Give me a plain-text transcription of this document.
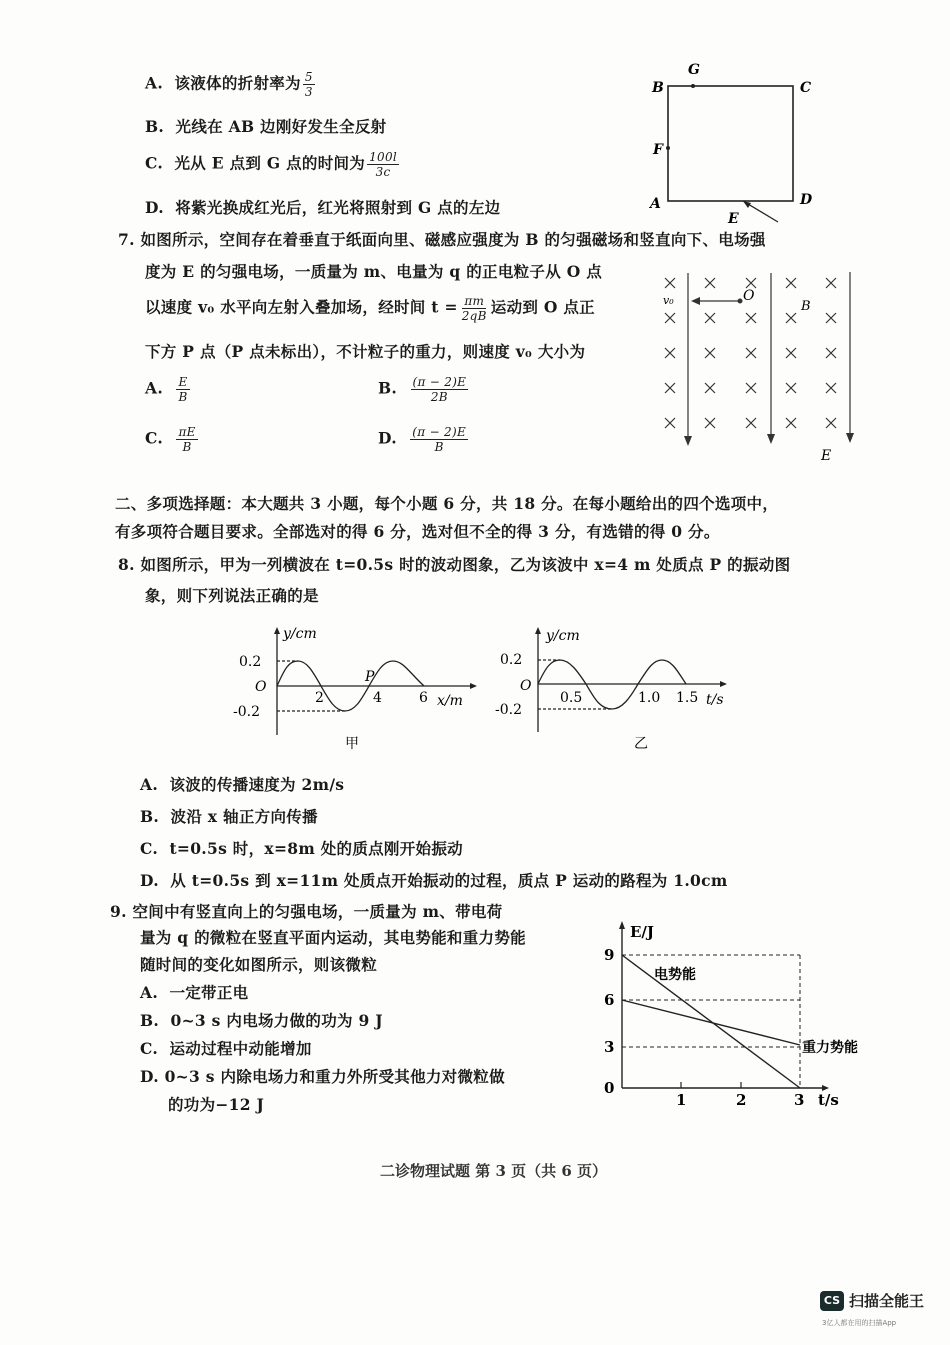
A. 该液体的折射率为 $\frac{5}{3}$
B. 光线在 AB 边刚好发生全反射
C. 光从 E 点到 G 点的时间为 $\frac{100l}{3c}$
D. 将紫光换成红光后，红光将照射到 G 点的左边
G
B	C
F
A	D
E
7. 如图所示，空间存在着垂直于纸面向里、磁感应强度为 B 的匀强磁场和竖直向下、电场强
度为 E 的匀强电场，一质量为 m、电量为 q 的正电粒子从 O 点
以速度 v₀ 水平向左射入叠加场，经时间 $t = \frac{\pi m}{2qB}$ 运动到 O 点正
下方 P 点（P 点未标出），不计粒子的重力，则速度 v₀ 大小为
A. $\frac{E}{B}$	B. $\frac{(\pi - 2)E}{2B}$
C. $\frac{\pi E}{B}$	D. $\frac{(\pi - 2)E}{B}$
v₀	O
B
E
二、多项选择题：本大题共 3 小题，每个小题 6 分，共 18 分。在每小题给出的四个选项中，
有多项符合题目要求。全部选对的得 6 分，选对但不全的得 3 分，有选错的得 0 分。
8. 如图所示，甲为一列横波在 t=0.5s 时的波动图象，乙为该波中 x=4 m 处质点 P 的振动图
象，则下列说法正确的是
y/cm
0.2
-0.2
O
2	4	6
P
x/m
甲
y/cm
0.2
-0.2
O
0.5	1.0 1.5 t/s
乙
A. 该波的传播速度为 2m/s
B. 波沿 x 轴正方向传播
C. t=0.5s 时，x=8m 处的质点刚开始振动
D. 从 t=0.5s 到 x=11m 处质点开始振动的过程，质点 P 运动的路程为 1.0cm
9. 空间中有竖直向上的匀强电场，一质量为 m、带电荷
量为 q 的微粒在竖直平面内运动，其电势能和重力势能
随时间的变化如图所示，则该微粒
A. 一定带正电
B. 0~3 s 内电场力做的功为 9 J
C. 运动过程中动能增加
D. 0~3 s 内除电场力和重力外所受其他力对微粒做
的功为−12 J
E/J
9
6
3
0
1	2	3 t/s
电势能
重力势能
二诊物理试题 第 3 页（共 6 页）
CS 扫描全能王
3亿人都在用的扫描App
